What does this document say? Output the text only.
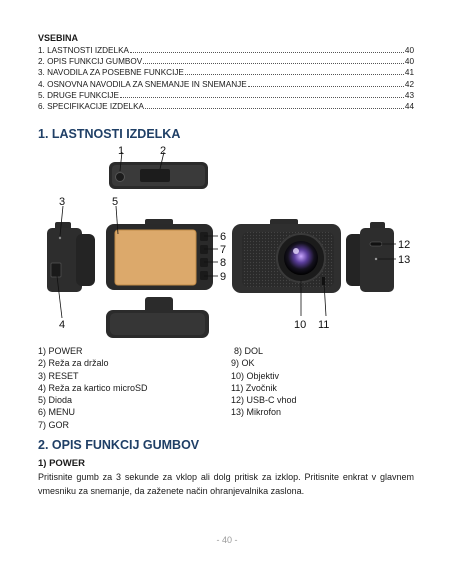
VSEBINA
1. LASTNOSTI IZDELKA	40
2. OPIS FUNKCIJ GUMBOV	40
3. NAVODILA ZA POSEBNE FUNKCIJE	41
4. OSNOVNA NAVODILA ZA SNEMANJE IN SNEMANJE	42
5. DRUGE FUNKCIJE	43
6. SPECIFIKACIJE IZDELKA	44
1. LASTNOSTI IZDELKA
1	2
3
4
5
6
7
8
9
10 11
12
13
1) POWER
2) Reža za držalo
3) RESET
4) Reža za kartico microSD
5) Dioda
6) MENU
7) GOR
8) DOL
9) OK
10) Objektiv
11) Zvočnik
12) USB-C vhod
13) Mikrofon
2. OPIS FUNKCIJ GUMBOV
1) POWER
Pritisnite gumb za 3 sekunde za vklop ali dolg pritisk za izklop. Pritisnite enkrat v glavnem vmesniku za snemanje, da zaženete način ohranjevalnika zaslona.
- 40 -
